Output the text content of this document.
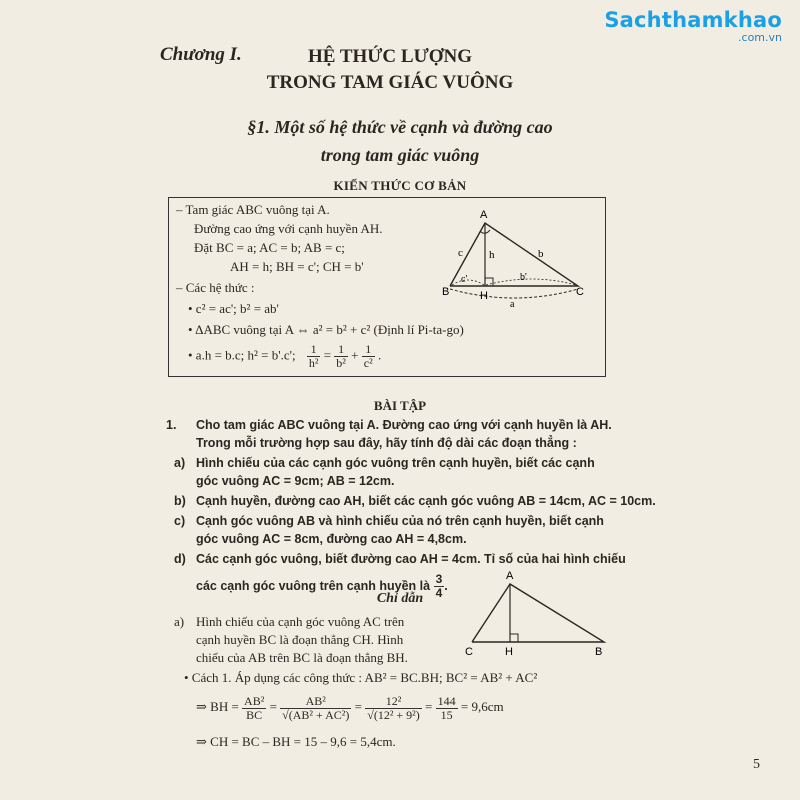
Sachthamkhao
.com.vn
Chương I.	HỆ THỨC LƯỢNG
TRONG TAM GIÁC VUÔNG
§1. Một số hệ thức về cạnh và đường cao
trong tam giác vuông
KIẾN THỨC CƠ BẢN
– Tam giác ABC vuông tại A.
Đường cao ứng với cạnh huyền AH.
Đặt BC = a; AC = b; AB = c;
AH = h; BH = c'; CH = b'
– Các hệ thức :
• c² = ac'; b² = ab'
• ΔABC vuông tại A ⇔ a² = b² + c² (Định lí Pi-ta-go)
• a.h = b.c; h² = b'.c'; $\frac{1}{\text{h²}} = \frac{1}{\text{b²}} + \frac{1}{\text{c²}}$ .
A
B	C
H
c	b
h
c'	b'
a
BÀI TẬP
1. Cho tam giác ABC vuông tại A. Đường cao ứng với cạnh huyền là AH.
Trong mỗi trường hợp sau đây, hãy tính độ dài các đoạn thẳng :
a) Hình chiếu của các cạnh góc vuông trên cạnh huyền, biết các cạnh
góc vuông AC = 9cm; AB = 12cm.
b) Cạnh huyền, đường cao AH, biết các cạnh góc vuông AB = 14cm, AC = 10cm.
c) Cạnh góc vuông AB và hình chiếu của nó trên cạnh huyền, biết cạnh
góc vuông AC = 8cm, đường cao AH = 4,8cm.
d) Các cạnh góc vuông, biết đường cao AH = 4cm. Tỉ số của hai hình chiếu
các cạnh góc vuông trên cạnh huyền là $\frac{3}{4}$ .
A
C	H	B
Chỉ dẫn
a) Hình chiếu của cạnh góc vuông AC trên
cạnh huyền BC là đoạn thẳng CH. Hình
chiếu của AB trên BC là đoạn thẳng BH.
• Cách 1. Áp dụng các công thức : AB² = BC.BH; BC² = AB² + AC²
⇒ BH = $\frac{\text{AB²}}{BC} = \frac{\text{AB²}}{\text{√(AB² + AC²)}} = \frac{\text{12²}}{\text{√(12² + 9²)}} = \frac{144}{15} = 9,6cm$
⇒ CH = BC – BH = 15 – 9,6 = 5,4cm.
5
